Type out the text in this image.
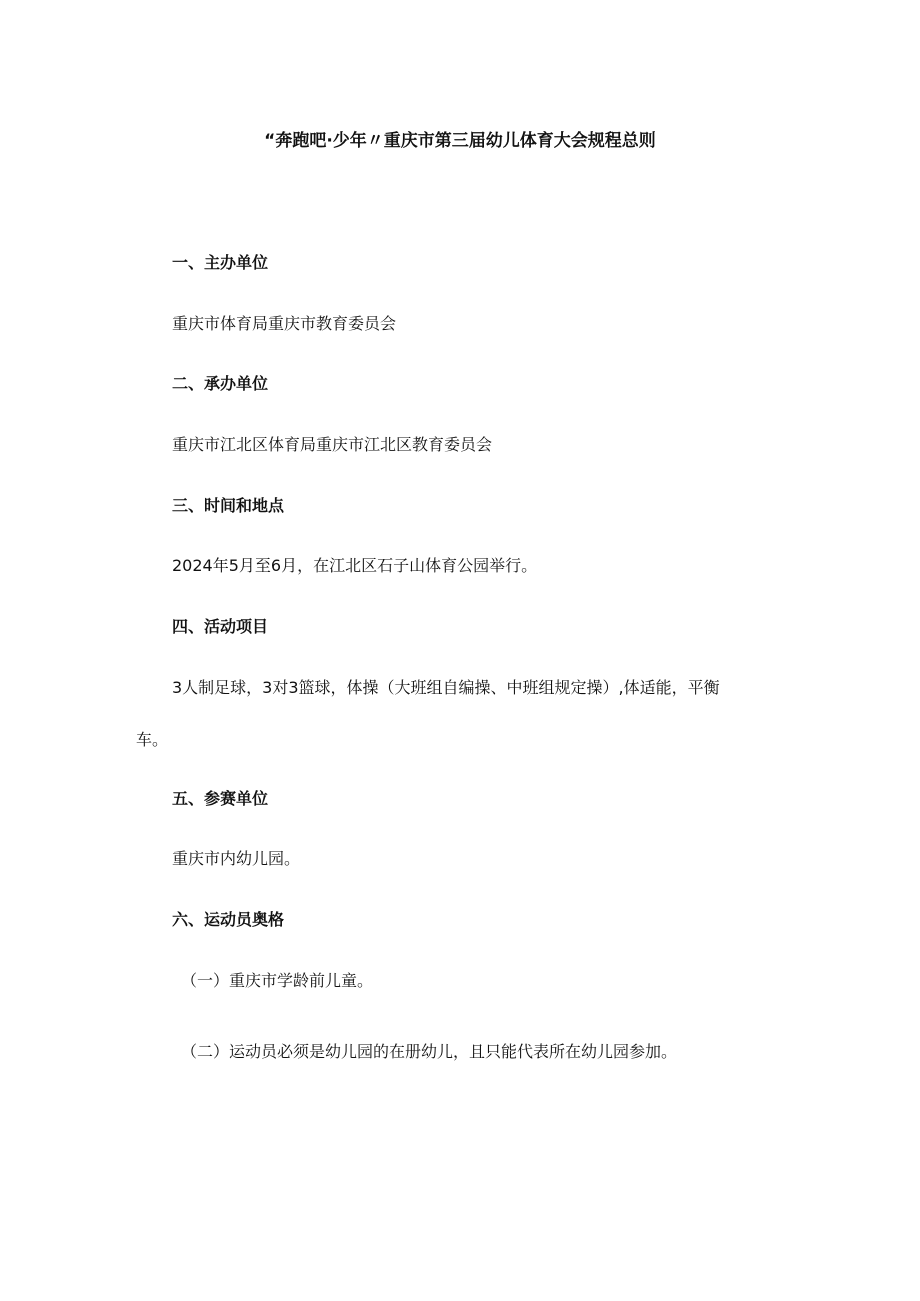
“奔跑吧·少年〃重庆市第三届幼儿体育大会规程总则
一、主办单位
重庆市体育局重庆市教育委员会
二、承办单位
重庆市江北区体育局重庆市江北区教育委员会
三、时间和地点
2024年5月至6月，在江北区石子山体育公园举行。
四、活动项目
3人制足球，3对3篮球，体操（大班组自编操、中班组规定操）,体适能，平衡
车。
五、参赛单位
重庆市内幼儿园。
六、运动员奥格
（一）重庆市学龄前儿童。
（二）运动员必须是幼儿园的在册幼儿，且只能代表所在幼儿园参加。
